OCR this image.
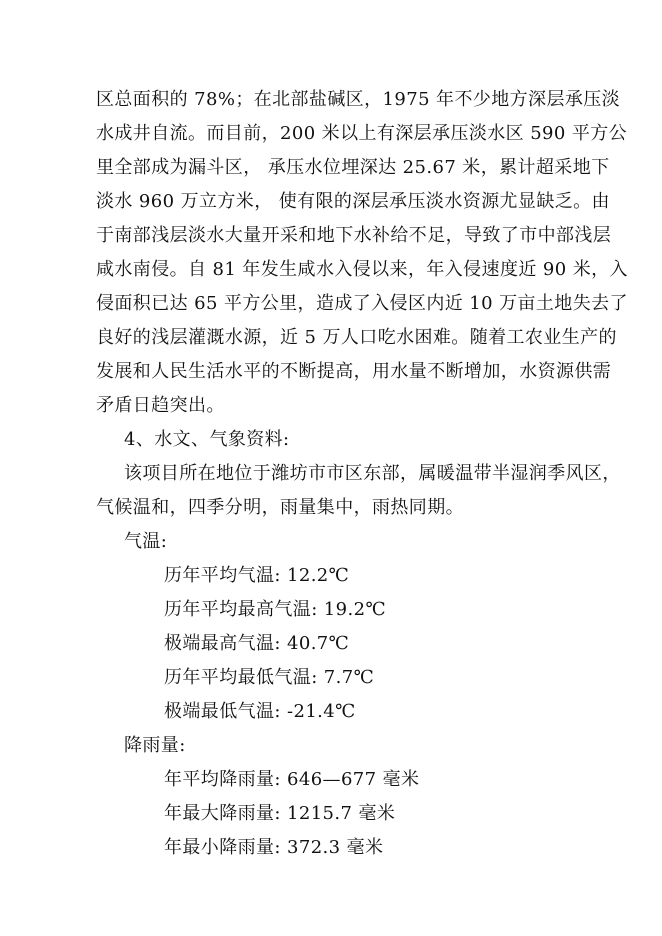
区总面积的 78%；在北部盐碱区，1975 年不少地方深层承压淡
水成井自流。而目前，200 米以上有深层承压淡水区 590 平方公
里全部成为漏斗区， 承压水位埋深达 25.67 米，累计超采地下
淡水 960 万立方米， 使有限的深层承压淡水资源尤显缺乏。由
于南部浅层淡水大量开采和地下水补给不足，导致了市中部浅层
咸水南侵。自 81 年发生咸水入侵以来，年入侵速度近 90 米，入
侵面积已达 65 平方公里，造成了入侵区内近 10 万亩土地失去了
良好的浅层灌溉水源，近 5 万人口吃水困难。随着工农业生产的
发展和人民生活水平的不断提高，用水量不断增加，水资源供需
矛盾日趋突出。
4、水文、气象资料:
该项目所在地位于潍坊市市区东部，属暖温带半湿润季风区，
气候温和，四季分明，雨量集中，雨热同期。
气温:
历年平均气温: 12.2℃
历年平均最高气温: 19.2℃
极端最高气温: 40.7℃
历年平均最低气温: 7.7℃
极端最低气温: -21.4℃
降雨量:
年平均降雨量: 646—677 毫米
年最大降雨量: 1215.7 毫米
年最小降雨量: 372.3 毫米
